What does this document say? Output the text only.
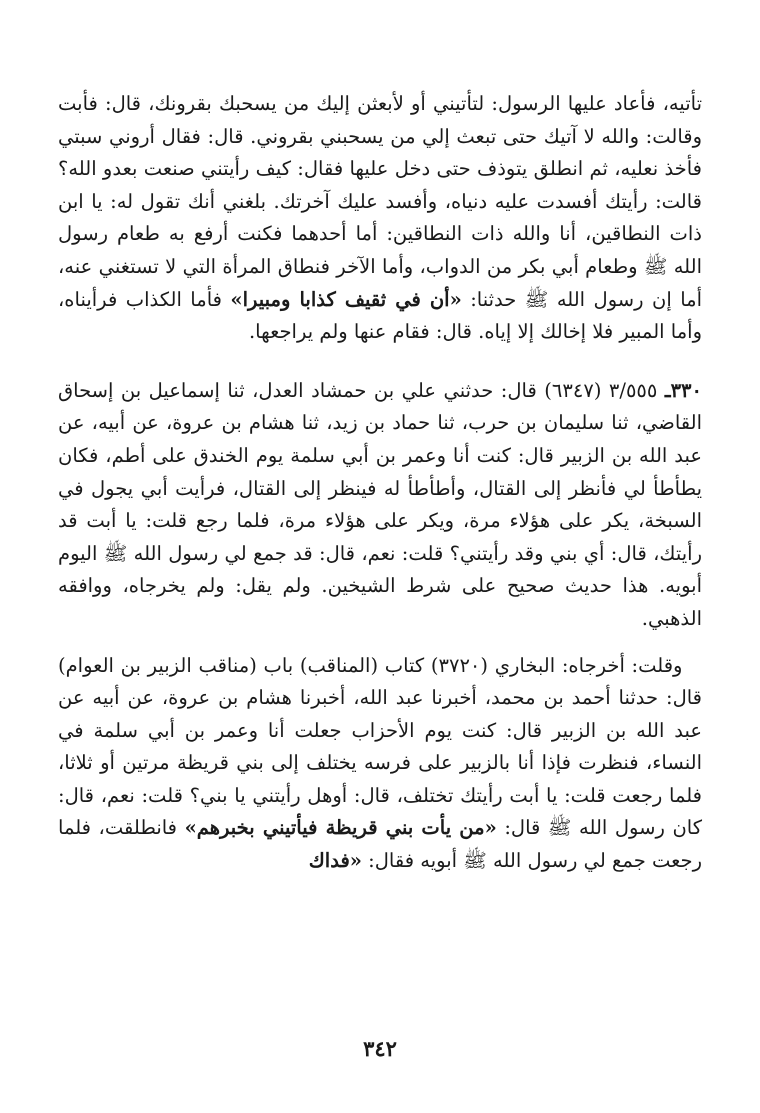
تأتيه، فأعاد عليها الرسول: لتأتيني أو لأبعثن إليك من يسحبك بقرونك، قال: فأبت وقالت: والله لا آتيك حتى تبعث إلي من يسحبني بقروني. قال: فقال أروني سبتي فأخذ نعليه، ثم انطلق يتوذف حتى دخل عليها فقال: كيف رأيتني صنعت بعدو الله؟ قالت: رأيتك أفسدت عليه دنياه، وأفسد عليك آخرتك. بلغني أنك تقول له: يا ابن ذات النطاقين، أنا والله ذات النطاقين: أما أحدهما فكنت أرفع به طعام رسول الله ﷺ وطعام أبي بكر من الدواب، وأما الآخر فنطاق المرأة التي لا تستغني عنه، أما إن رسول الله ﷺ حدثنا: «أن في ثقيف كذابا ومبيرا» فأما الكذاب فرأيناه، وأما المبير فلا إخالك إلا إياه. قال: فقام عنها ولم يراجعها.

٣٣٠ـ ٣/٥٥٥ (٦٣٤٧) قال: حدثني علي بن حمشاد العدل، ثنا إسماعيل بن إسحاق القاضي، ثنا سليمان بن حرب، ثنا حماد بن زيد، ثنا هشام بن عروة، عن أبيه، عن عبد الله بن الزبير قال: كنت أنا وعمر بن أبي سلمة يوم الخندق على أطم، فكان يطأطأ لي فأنظر إلى القتال، وأطأطأ له فينظر إلى القتال، فرأيت أبي يجول في السبخة، يكر على هؤلاء مرة، ويكر على هؤلاء مرة، فلما رجع قلت: يا أبت قد رأيتك، قال: أي بني وقد رأيتني؟ قلت: نعم، قال: قد جمع لي رسول الله ﷺ اليوم أبويه. هذا حديث صحيح على شرط الشيخين. ولم يقل: ولم يخرجاه، ووافقه الذهبي.

 وقلت: أخرجاه: البخاري (٣٧٢٠) كتاب (المناقب) باب (مناقب الزبير بن العوام) قال: حدثنا أحمد بن محمد، أخبرنا عبد الله، أخبرنا هشام بن عروة، عن أبيه عن عبد الله بن الزبير قال: كنت يوم الأحزاب جعلت أنا وعمر بن أبي سلمة في النساء، فنظرت فإذا أنا بالزبير على فرسه يختلف إلى بني قريظة مرتين أو ثلاثا، فلما رجعت قلت: يا أبت رأيتك تختلف، قال: أوهل رأيتني يا بني؟ قلت: نعم، قال: كان رسول الله ﷺ قال: «من يأت بني قريظة فيأتيني بخبرهم» فانطلقت، فلما رجعت جمع لي رسول الله ﷺ أبويه فقال: «فداك

٣٤٢
